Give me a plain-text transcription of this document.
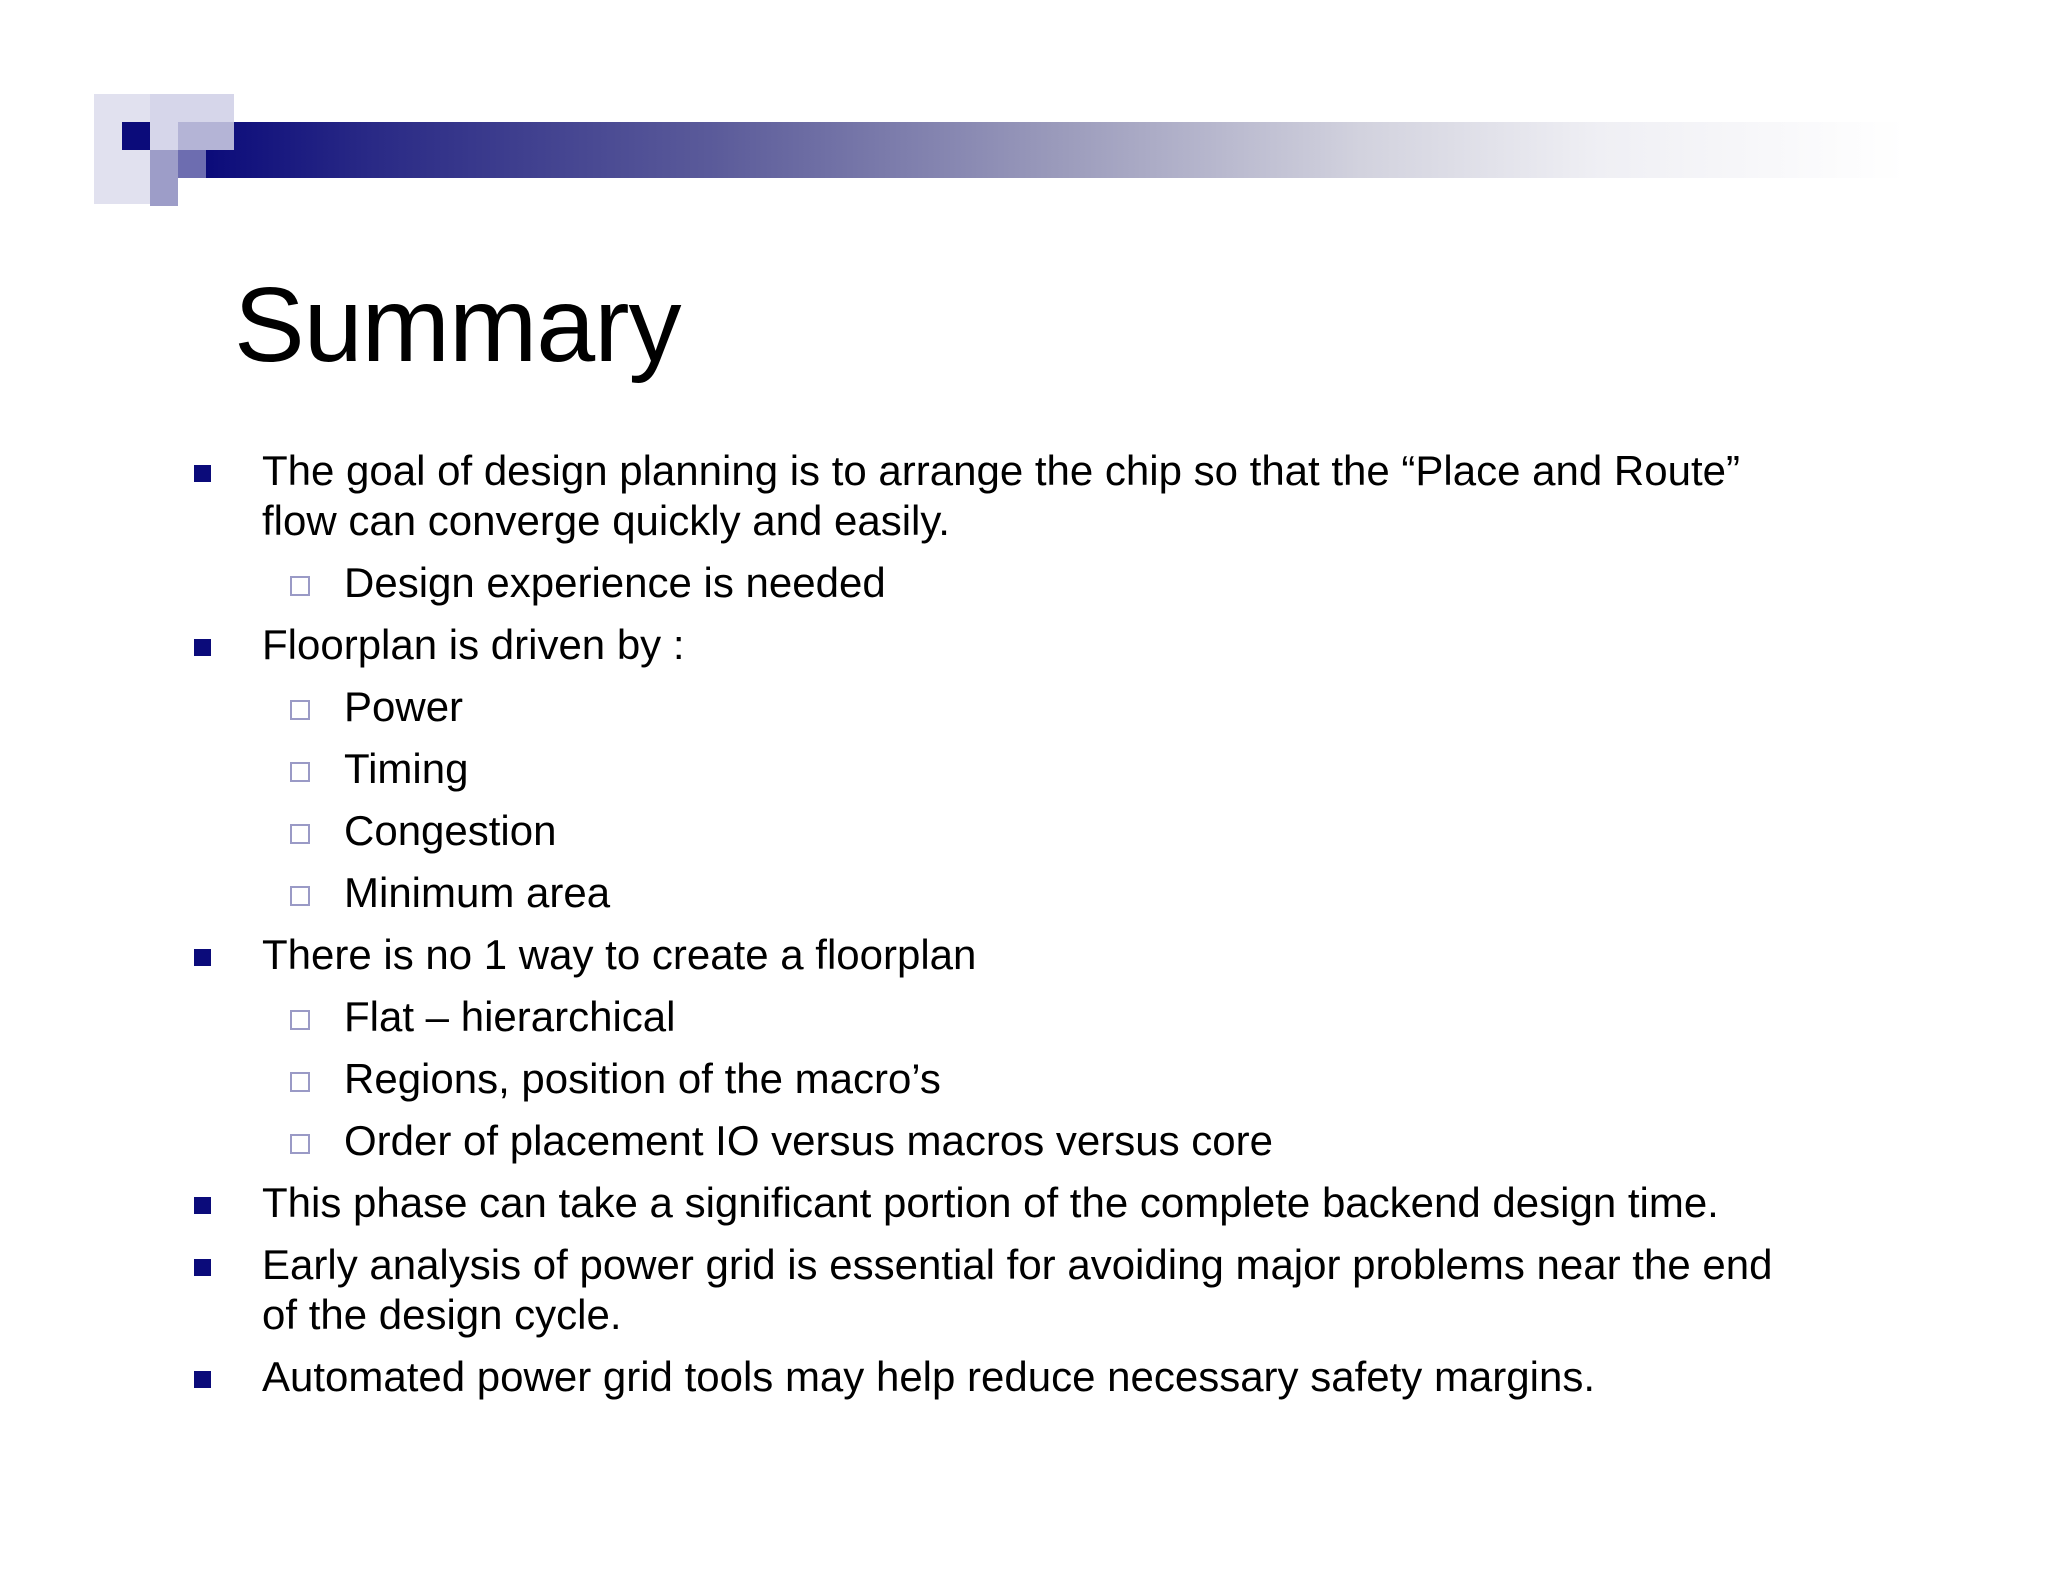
Summary
The goal of design planning is to arrange the chip so that the “Place and Route” flow can converge quickly and easily.
Design experience is needed
Floorplan is driven by :
Power
Timing
Congestion
Minimum area
There is no 1 way to create a floorplan
Flat – hierarchical
Regions, position of the macro’s
Order of placement IO versus macros versus core
This phase can take a significant portion of the complete backend design time.
Early analysis of power grid is essential for avoiding major problems near the end of the design cycle.
Automated power grid tools may help reduce necessary safety margins.
